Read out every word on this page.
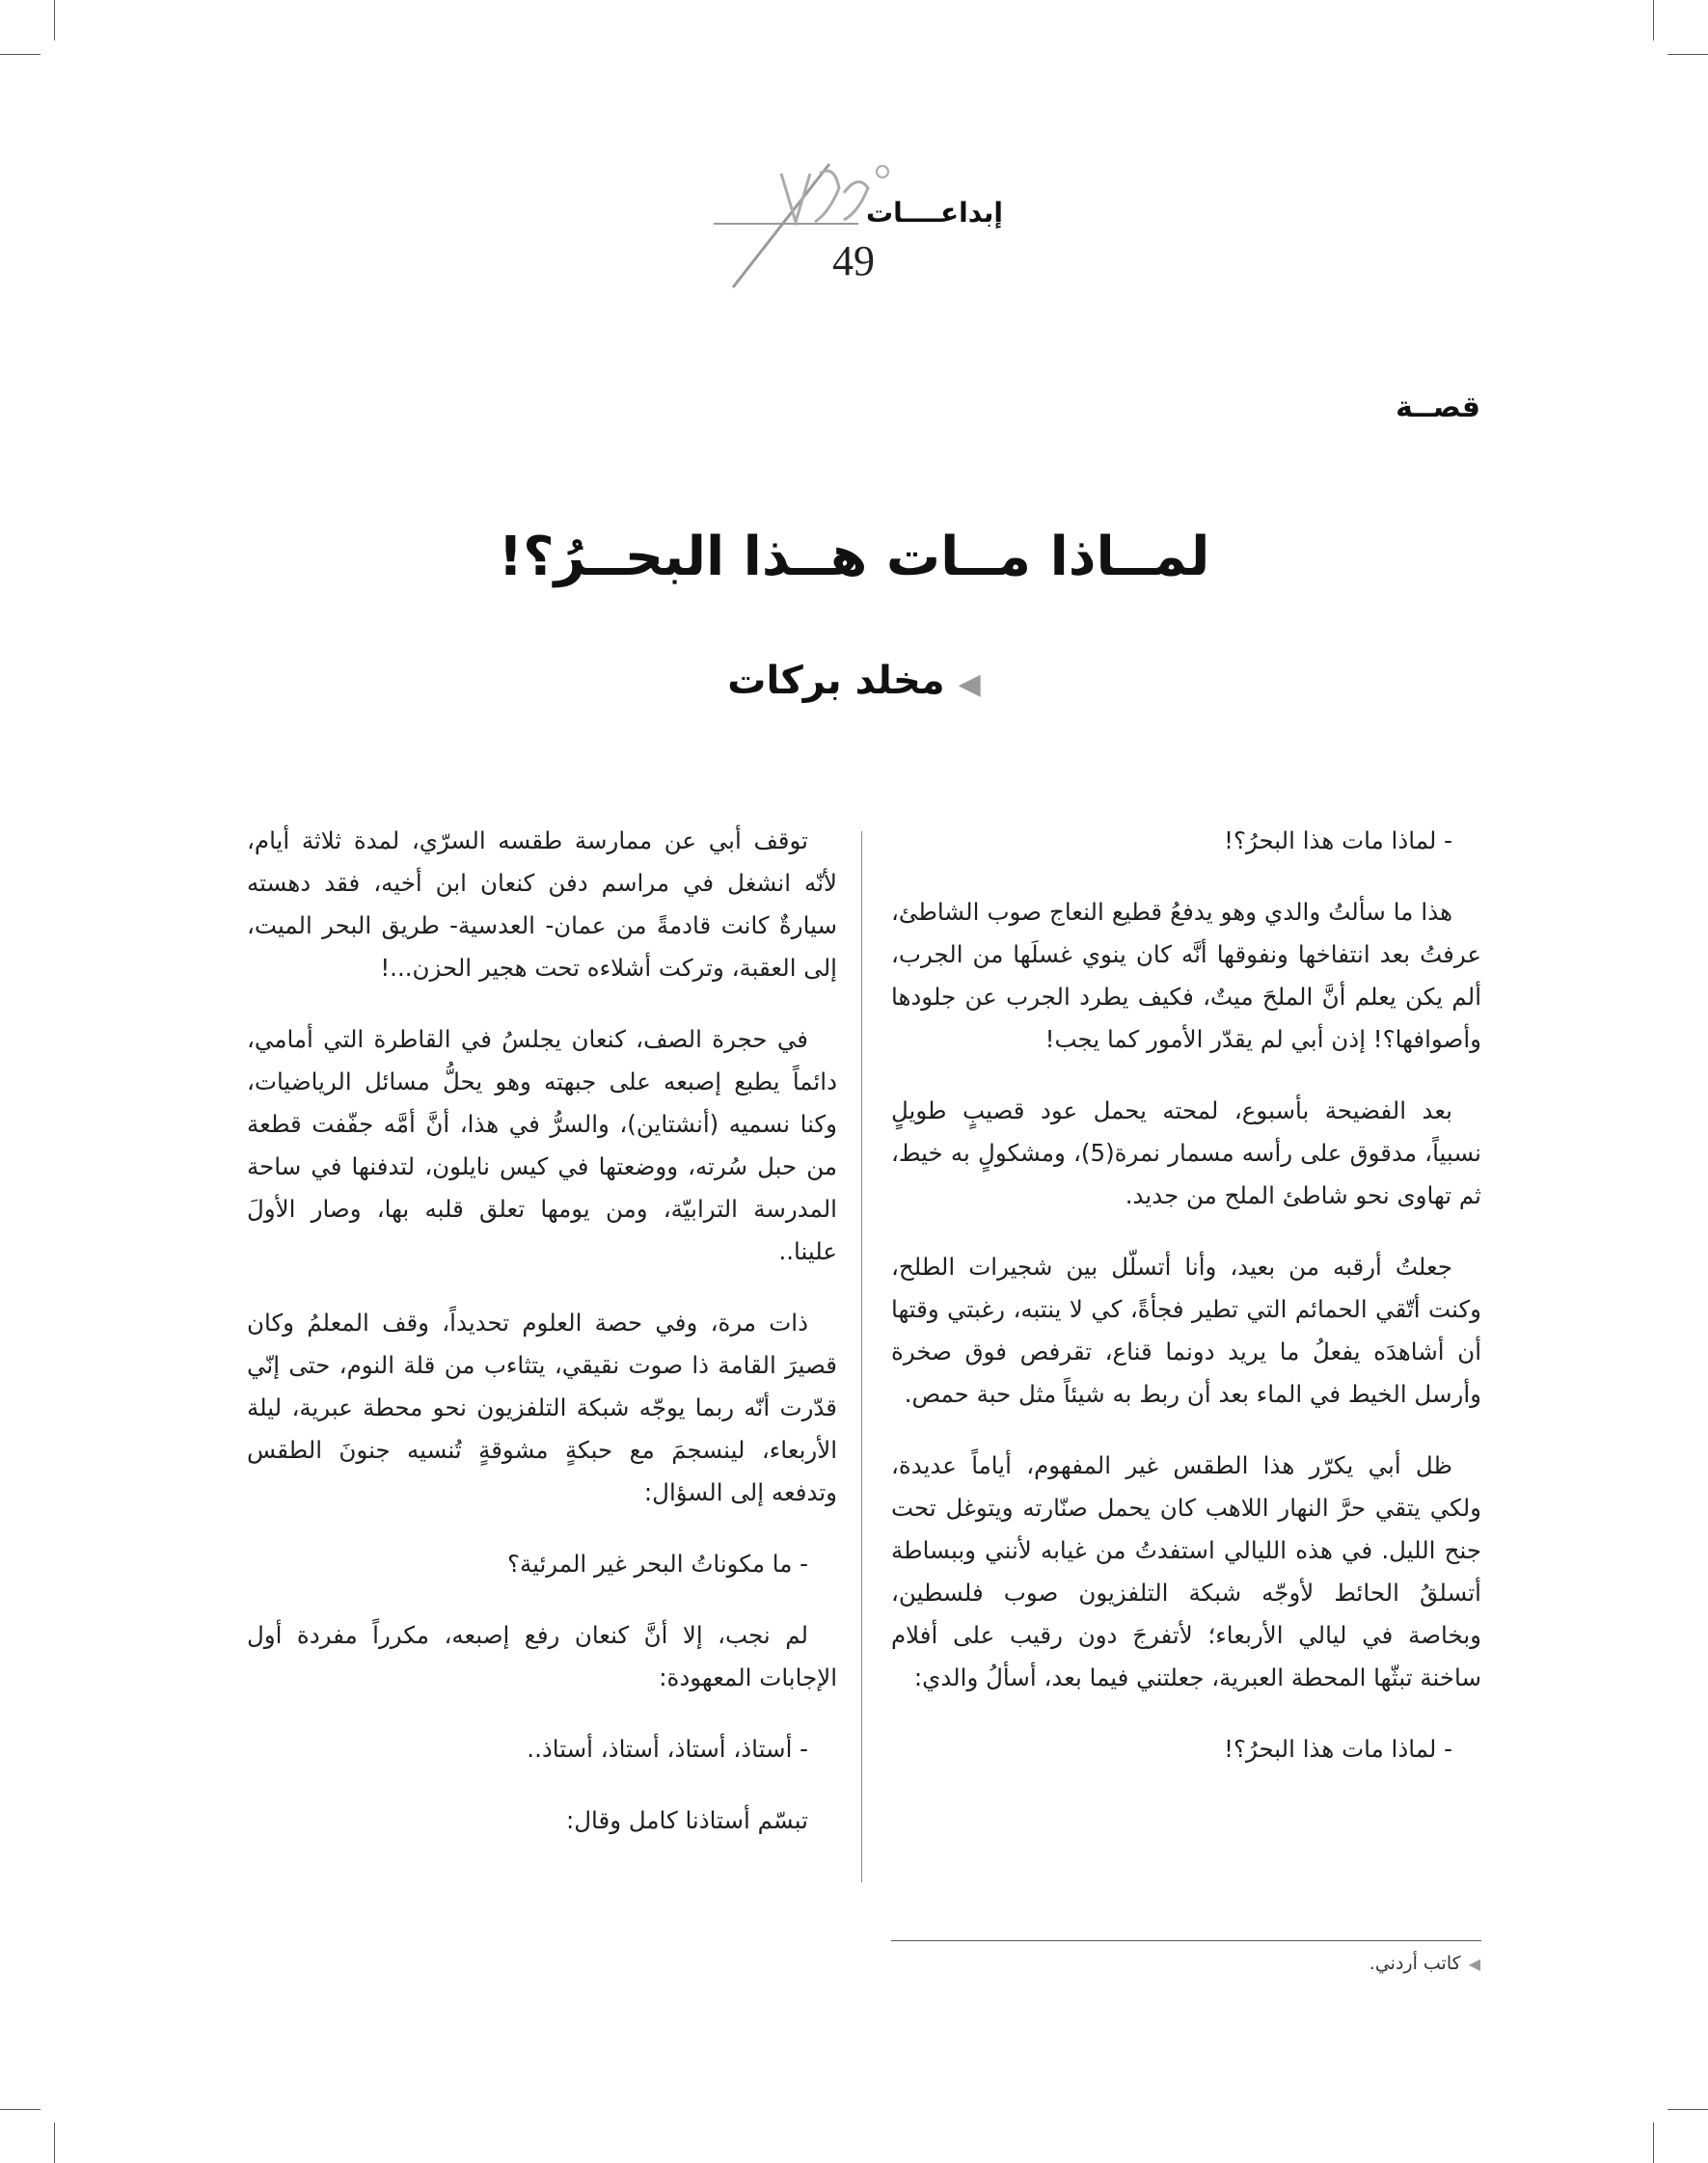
إبداعــــات
49
قصــة
لمــاذا مــات هــذا البحــرُ؟!
◀مخلد بركات

- لماذا مات هذا البحرُ؟!

هذا ما سألتُ والدي وهو يدفعُ قطيع النعاج صوب الشاطئ، عرفتُ بعد انتفاخها ونفوقها أنَّه كان ينوي غسلَها من الجرب، ألم يكن يعلم أنَّ الملحَ ميتٌ، فكيف يطرد الجرب عن جلودها وأصوافها؟! إذن أبي لم يقدّر الأمور كما يجب!

بعد الفضيحة بأسبوع، لمحته يحمل عود قصيبٍ طويلٍ نسبياً، مدقوق على رأسه مسمار نمرة(5)، ومشكولٍ به خيط، ثم تهاوى نحو شاطئ الملح من جديد.

جعلتُ أرقبه من بعيد، وأنا أتسلّل بين شجيرات الطلح، وكنت أتّقي الحمائم التي تطير فجأةً، كي لا ينتبه، رغبتي وقتها أن أشاهدَه يفعلُ ما يريد دونما قناع، تقرفص فوق صخرة وأرسل الخيط في الماء بعد أن ربط به شيئاً مثل حبة حمص.

ظل أبي يكرّر هذا الطقس غير المفهوم، أياماً عديدة، ولكي يتقي حرَّ النهار اللاهب كان يحمل صنّارته ويتوغل تحت جنح الليل. في هذه الليالي استفدتُ من غيابه لأنني وببساطة أتسلقُ الحائط لأوجّه شبكة التلفزيون صوب فلسطين، وبخاصة في ليالي الأربعاء؛ لأتفرجَ دون رقيب على أفلام ساخنة تبثّها المحطة العبرية، جعلتني فيما بعد، أسألُ والدي:

- لماذا مات هذا البحرُ؟!

توقف أبي عن ممارسة طقسه السرّي، لمدة ثلاثة أيام، لأنّه انشغل في مراسم دفن كنعان ابن أخيه، فقد دهسته سيارةٌ كانت قادمةً من عمان- العدسية- طريق البحر الميت، إلى العقبة، وتركت أشلاءه تحت هجير الحزن...!

في حجرة الصف، كنعان يجلسُ في القاطرة التي أمامي، دائماً يطبع إصبعه على جبهته وهو يحلُّ مسائل الرياضيات، وكنا نسميه (أنشتاين)، والسرُّ في هذا، أنَّ أمَّه جفّفت قطعة من حبل سُرته، ووضعتها في كيس نايلون، لتدفنها في ساحة المدرسة الترابيّة، ومن يومها تعلق قلبه بها، وصار الأولَ علينا..

ذات مرة، وفي حصة العلوم تحديداً، وقف المعلمُ وكان قصيرَ القامة ذا صوت نقيقي، يتثاءب من قلة النوم، حتى إنّي قدّرت أنّه ربما يوجّه شبكة التلفزيون نحو محطة عبرية، ليلة الأربعاء، لينسجمَ مع حبكةٍ مشوقةٍ تُنسيه جنونَ الطقس وتدفعه إلى السؤال:

- ما مكوناتُ البحر غير المرئية؟

لم نجب، إلا أنَّ كنعان رفع إصبعه، مكرراً مفردة أول الإجابات المعهودة:

- أستاذ، أستاذ، أستاذ، أستاذ..

تبسّم أستاذنا كامل وقال:

◀كاتب أردني.
